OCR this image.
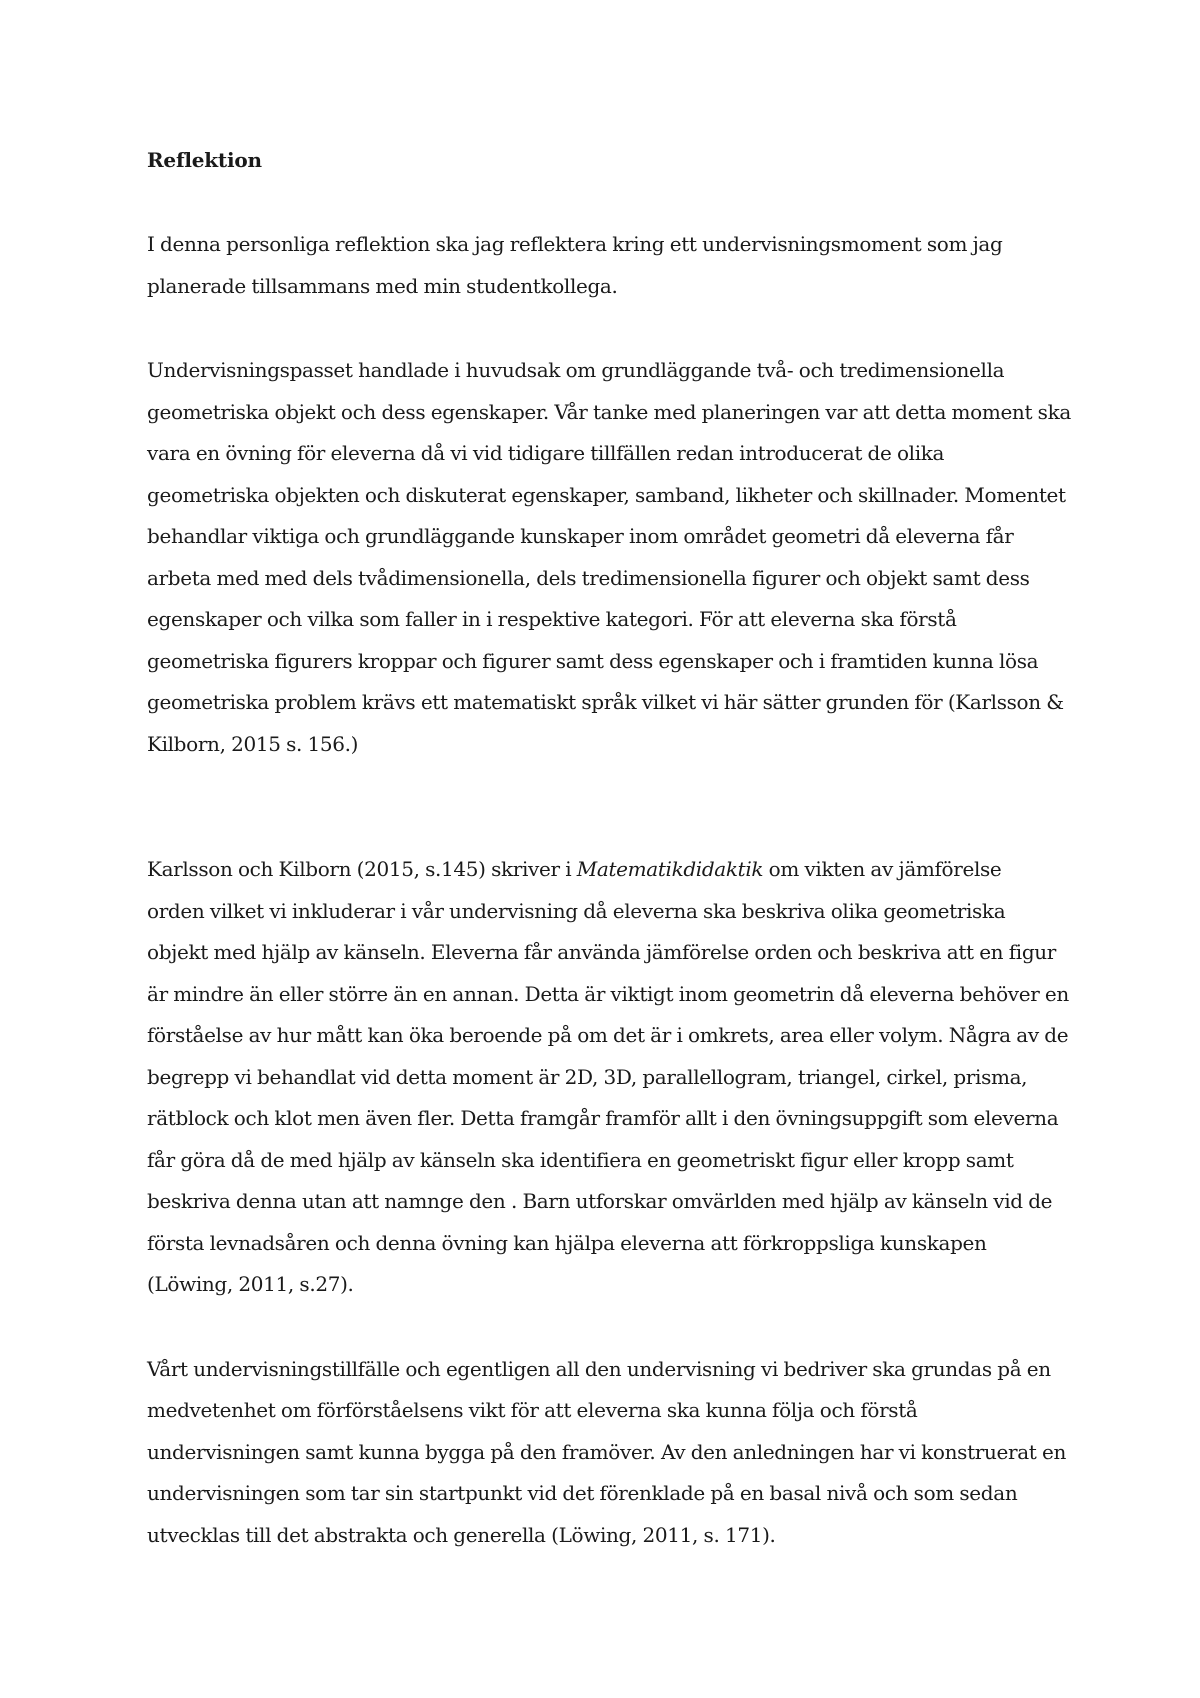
Reflektion

I denna personliga reflektion ska jag reflektera kring ett undervisningsmoment som jag
planerade tillsammans med min studentkollega.

Undervisningspasset handlade i huvudsak om grundläggande två- och tredimensionella
geometriska objekt och dess egenskaper. Vår tanke med planeringen var att detta moment ska
vara en övning för eleverna då vi vid tidigare tillfällen redan introducerat de olika
geometriska objekten och diskuterat egenskaper, samband, likheter och skillnader. Momentet
behandlar viktiga och grundläggande kunskaper inom området geometri då eleverna får
arbeta med med dels tvådimensionella, dels tredimensionella figurer och objekt samt dess
egenskaper och vilka som faller in i respektive kategori. För att eleverna ska förstå
geometriska figurers kroppar och figurer samt dess egenskaper och i framtiden kunna lösa
geometriska problem krävs ett matematiskt språk vilket vi här sätter grunden för (Karlsson &
Kilborn, 2015 s. 156.)

Karlsson och Kilborn (2015, s.145) skriver i Matematikdidaktik om vikten av jämförelse
orden vilket vi inkluderar i vår undervisning då eleverna ska beskriva olika geometriska
objekt med hjälp av känseln. Eleverna får använda jämförelse orden och beskriva att en figur
är mindre än eller större än en annan. Detta är viktigt inom geometrin då eleverna behöver en
förståelse av hur mått kan öka beroende på om det är i omkrets, area eller volym. Några av de
begrepp vi behandlat vid detta moment är 2D, 3D, parallellogram, triangel, cirkel, prisma,
rätblock och klot men även fler. Detta framgår framför allt i den övningsuppgift som eleverna
får göra då de med hjälp av känseln ska identifiera en geometriskt figur eller kropp samt
beskriva denna utan att namnge den . Barn utforskar omvärlden med hjälp av känseln vid de
första levnadsåren och denna övning kan hjälpa eleverna att förkroppsliga kunskapen
(Löwing, 2011, s.27).

Vårt undervisningstillfälle och egentligen all den undervisning vi bedriver ska grundas på en
medvetenhet om förförståelsens vikt för att eleverna ska kunna följa och förstå
undervisningen samt kunna bygga på den framöver. Av den anledningen har vi konstruerat en
undervisningen som tar sin startpunkt vid det förenklade på en basal nivå och som sedan
utvecklas till det abstrakta och generella (Löwing, 2011, s. 171).
